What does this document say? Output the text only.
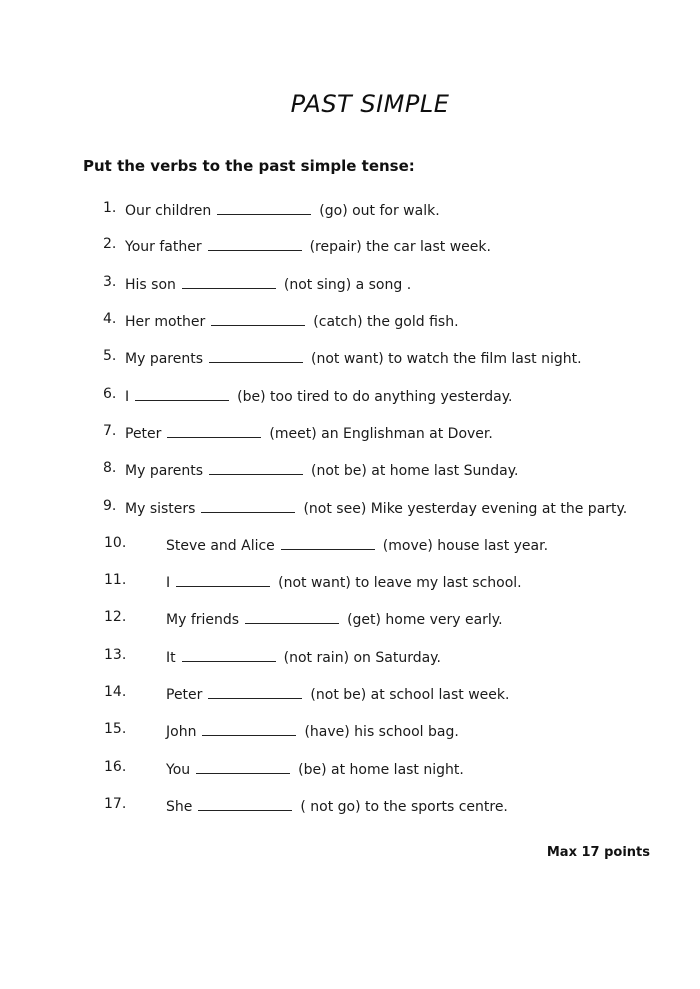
PAST SIMPLE
Put the verbs to the past simple tense:
1. Our children	(go) out for walk.
2. Your father	(repair) the car last week.
3. His son	(not sing) a song .
4. Her mother	(catch) the gold fish.
5. My parents	(not want) to watch the film last night.
6. I	(be) too tired to do anything yesterday.
7. Peter	(meet) an Englishman at Dover.
8. My parents	(not be) at home last Sunday.
9. My sisters	(not see) Mike yesterday evening at the party.
10.	Steve and Alice	(move) house last year.
11.	I	(not want) to leave my last school.
12.	My friends	(get) home very early.
13.	It	(not rain) on Saturday.
14.	Peter	(not be) at school last week.
15.	John	(have) his school bag.
16.	You	(be) at home last night.
17.	She	( not go) to the sports centre.
Max 17 points
